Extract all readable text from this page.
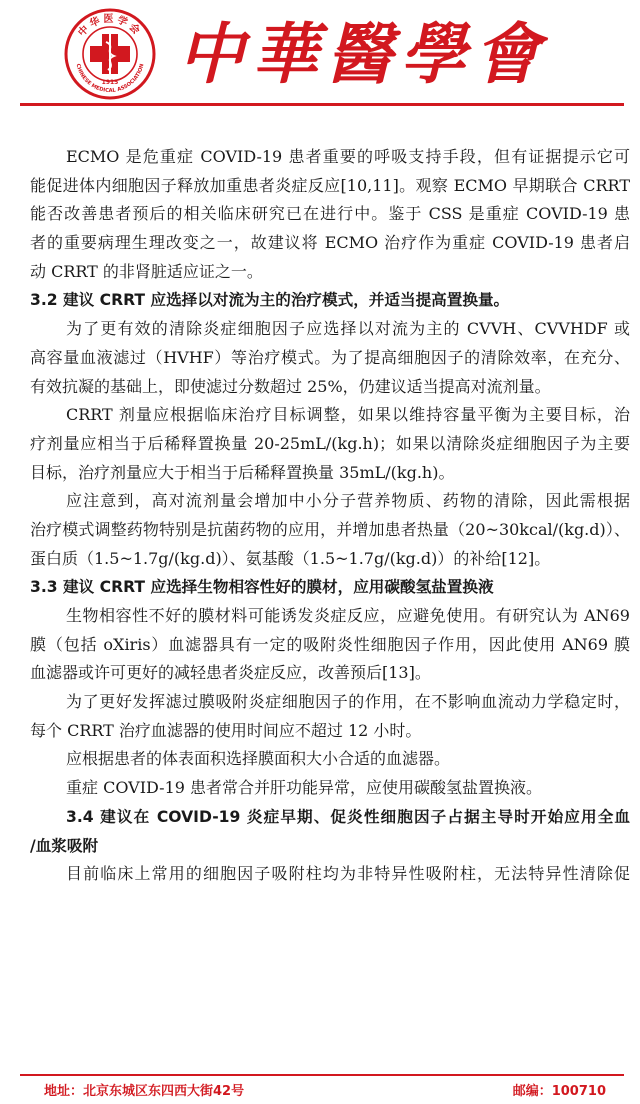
中华医学会
CHINESE MEDICAL ASSOCIATION
1915 中華醫學會
ECMO 是危重症 COVID-19 患者重要的呼吸支持手段，但有证据提示它可
能促进体内细胞因子释放加重患者炎症反应[10,11]。观察 ECMO 早期联合 CRRT
能否改善患者预后的相关临床研究已在进行中。鉴于 CSS 是重症 COVID-19 患
者的重要病理生理改变之一，故建议将 ECMO 治疗作为重症 COVID-19 患者启
动 CRRT 的非肾脏适应证之一。
3.2 建议 CRRT 应选择以对流为主的治疗模式，并适当提高置换量。
为了更有效的清除炎症细胞因子应选择以对流为主的 CVVH、CVVHDF 或
高容量血液滤过（HVHF）等治疗模式。为了提高细胞因子的清除效率，在充分、
有效抗凝的基础上，即使滤过分数超过 25%，仍建议适当提高对流剂量。
CRRT 剂量应根据临床治疗目标调整，如果以维持容量平衡为主要目标，治
疗剂量应相当于后稀释置换量 20-25mL/(kg.h)；如果以清除炎症细胞因子为主要
目标，治疗剂量应大于相当于后稀释置换量 35mL/(kg.h)。
应注意到，高对流剂量会增加中小分子营养物质、药物的清除，因此需根据
治疗模式调整药物特别是抗菌药物的应用，并增加患者热量（20~30kcal/(kg.d)）、
蛋白质（1.5~1.7g/(kg.d)）、氨基酸（1.5~1.7g/(kg.d)）的补给[12]。
3.3 建议 CRRT 应选择生物相容性好的膜材，应用碳酸氢盐置换液
生物相容性不好的膜材料可能诱发炎症反应，应避免使用。有研究认为 AN69
膜（包括 oXiris）血滤器具有一定的吸附炎性细胞因子作用，因此使用 AN69 膜
血滤器或许可更好的减轻患者炎症反应，改善预后[13]。
为了更好发挥滤过膜吸附炎症细胞因子的作用，在不影响血流动力学稳定时，
每个 CRRT 治疗血滤器的使用时间应不超过 12 小时。
应根据患者的体表面积选择膜面积大小合适的血滤器。
重症 COVID-19 患者常合并肝功能异常，应使用碳酸氢盐置换液。
3.4 建议在 COVID-19 炎症早期、促炎性细胞因子占据主导时开始应用全血
/血浆吸附
目前临床上常用的细胞因子吸附柱均为非特异性吸附柱，无法特异性清除促
地址：北京东城区东四西大街42号	邮编：100710
